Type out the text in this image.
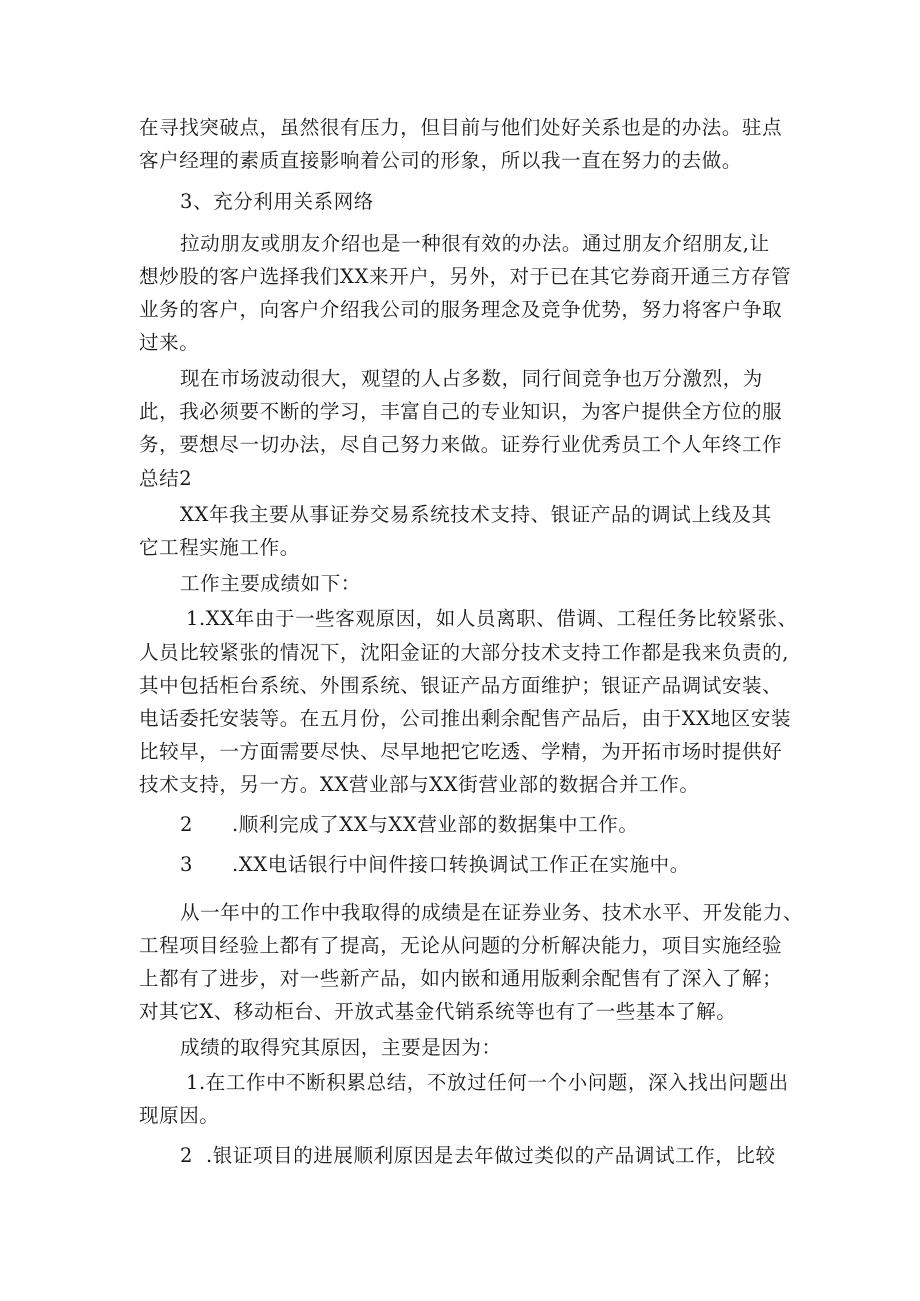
在寻找突破点，虽然很有压力，但目前与他们处好关系也是的办法。驻点
客户经理的素质直接影响着公司的形象，所以我一直在努力的去做。
3、充分利用关系网络
拉动朋友或朋友介绍也是一种很有效的办法。通过朋友介绍朋友,让
想炒股的客户选择我们XX来开户，另外，对于已在其它券商开通三方存管
业务的客户，向客户介绍我公司的服务理念及竞争优势，努力将客户争取
过来。
现在市场波动很大，观望的人占多数，同行间竞争也万分激烈，为
此，我必须要不断的学习，丰富自己的专业知识，为客户提供全方位的服
务，要想尽一切办法，尽自己努力来做。证券行业优秀员工个人年终工作
总结2
XX年我主要从事证券交易系统技术支持、银证产品的调试上线及其
它工程实施工作。
工作主要成绩如下：
1.XX年由于一些客观原因，如人员离职、借调、工程任务比较紧张、
人员比较紧张的情况下，沈阳金证的大部分技术支持工作都是我来负责的,
其中包括柜台系统、外围系统、银证产品方面维护；银证产品调试安装、
电话委托安装等。在五月份，公司推出剩余配售产品后，由于XX地区安装
比较早，一方面需要尽快、尽早地把它吃透、学精，为开拓市场时提供好
技术支持，另一方。XX营业部与XX街营业部的数据合并工作。
2 .顺利完成了XX与XX营业部的数据集中工作。
3 .XX电话银行中间件接口转换调试工作正在实施中。
从一年中的工作中我取得的成绩是在证券业务、技术水平、开发能力、
工程项目经验上都有了提高，无论从问题的分析解决能力，项目实施经验
上都有了进步，对一些新产品，如内嵌和通用版剩余配售有了深入了解；
对其它X、移动柜台、开放式基金代销系统等也有了一些基本了解。
成绩的取得究其原因，主要是因为：
1.在工作中不断积累总结，不放过任何一个小问题，深入找出问题出
现原因。
2 .银证项目的进展顺利原因是去年做过类似的产品调试工作，比较
